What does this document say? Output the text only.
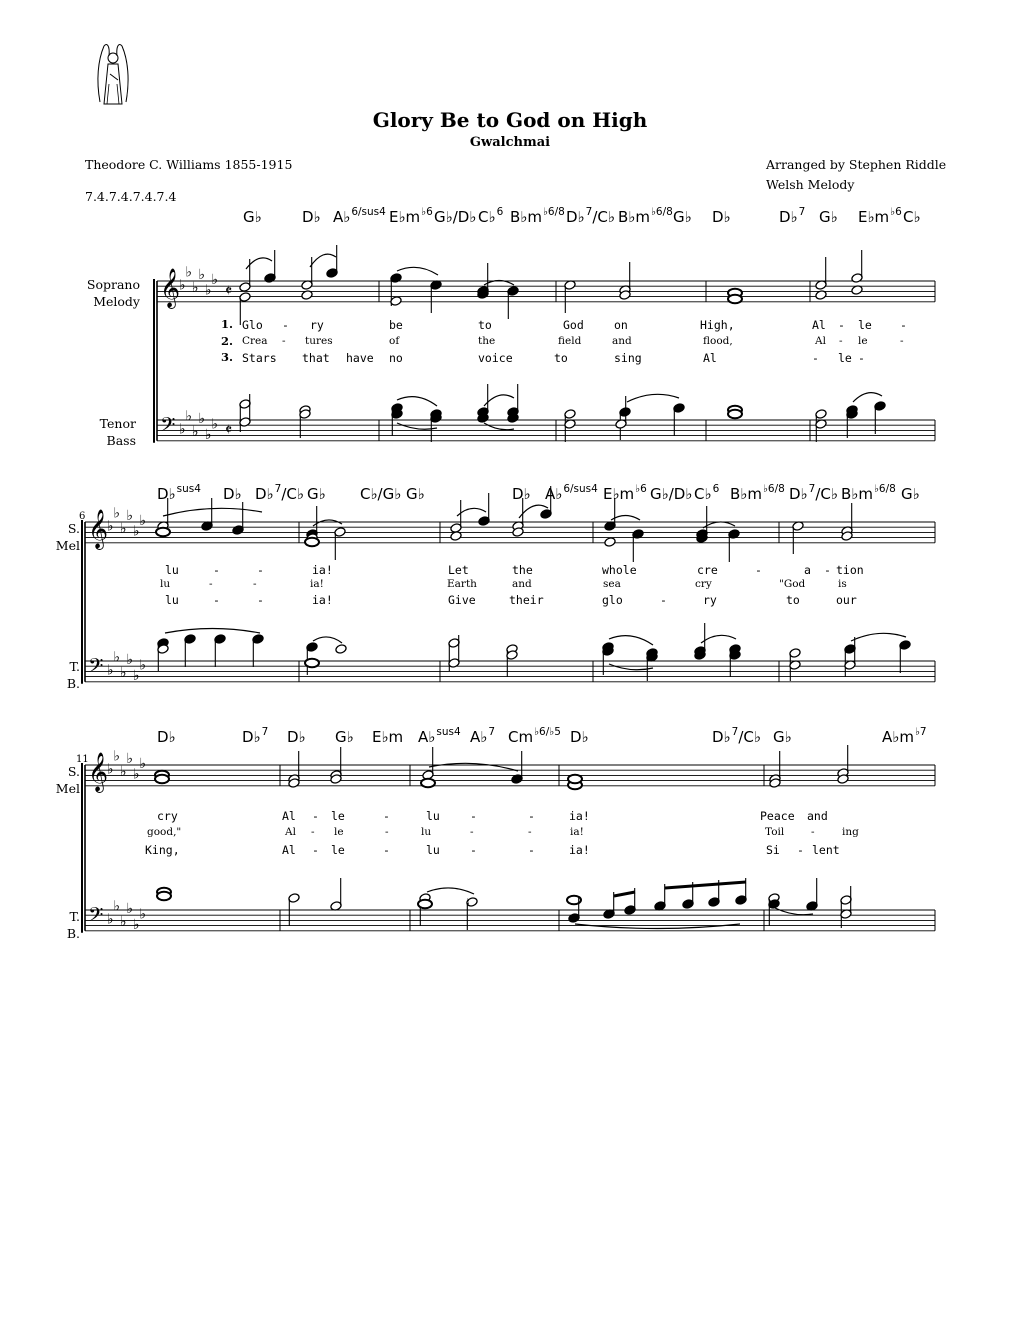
Glory Be to God on High
Gwalchmai
Theodore C. Williams 1855-1915
7.4.7.4.7.4.7.4
Arranged by Stephen Riddle
Welsh Melody
Soprano
Melody
Tenor
Bass
S.
Mel
T.
B.
S.
Mel
T.
B.
6
11
G♭	D♭ A♭$^{6/sus4}$ $E♭m^{♭6}$ G♭/D♭ C♭$^6$ $B♭m^{♭6/8}$ D♭$^7$/C♭ $B♭m^{♭6/8}$ G♭ D♭	D♭$^7$ G♭ $E♭m^{♭6}$ C♭
D♭$^{sus4}$ D♭ D♭$^7$/C♭ G♭ C♭/G♭ G♭	D♭ A♭$^{6/sus4}$ $E♭m^{♭6}$ G♭/D♭ C♭$^6$ $B♭m^{♭6/8}$ D♭$^7$/C♭ $B♭m^{♭6/8}$ G♭
D♭	D♭$^7$ D♭ G♭ E♭m A♭$^{sus4}$ A♭$^7$ $Cm^{♭6/♭5}$ D♭	D♭$^7$/C♭ G♭	$A♭m^{♭7}$
1.
2.
3.
Glo - ry	be	to	God	on	High,	Al - le -
Crea - tures	of	the	field	and	flood,	Al - le	-
Stars that have no	voice	to	sing	Al	- le -
lu	-	-	ia!	Let	the	whole	cre	-	a - tion
lu	-	-	ia!	Earth	and	sea	cry	"God	is
lu	-	-	ia!	Give	their	glo	-	ry	to	our
cry	Al - le	-	lu	-	-	ia!	Peace and
good,"	Al - le	-	lu	-	-	ia!	Toil	-	ing
King,	Al - le	-	lu	-	-	ia!	Si - lent
𝄞
𝄢
♭
♭
♭
♭
♭
♭
♭
♭
♭
♭
♭
♭
𝄵
𝄵
𝄞
𝄢
♭
♭
♭
♭
♭
♭
♭
♭
♭
♭
♭
♭
𝄞
𝄢
♭
♭
♭
♭
♭
♭
♭
♭
♭
♭
♭
♭
♮
